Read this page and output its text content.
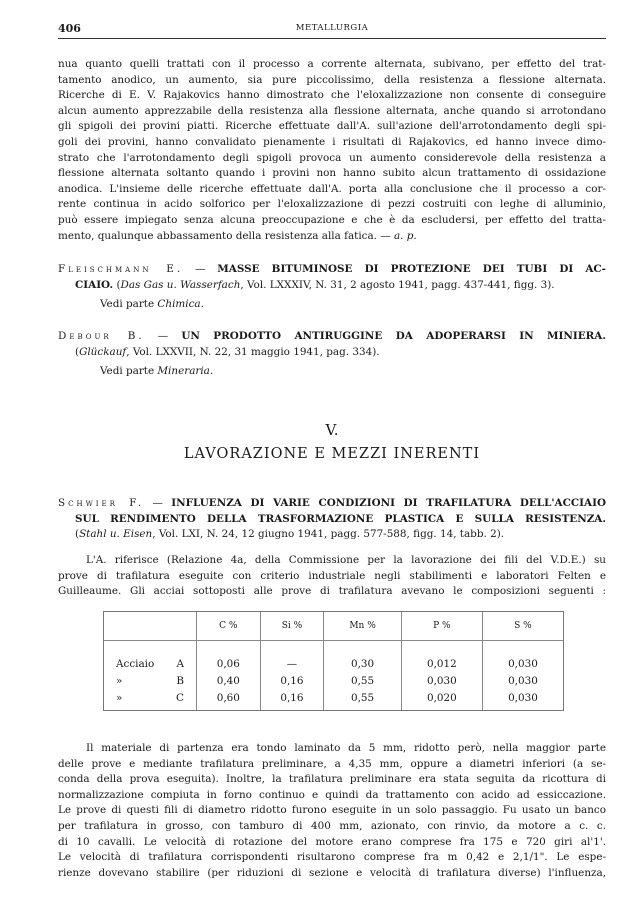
406	METALLURGIA
nua quanto quelli trattati con il processo a corrente alternata, subivano, per effetto del trat-
tamento anodico, un aumento, sia pure piccolissimo, della resistenza a flessione alternata.
Ricerche di E. V. Rajakovics hanno dimostrato che l'eloxalizzazione non consente di conseguire
alcun aumento apprezzabile della resistenza alla flessione alternata, anche quando si arrotondano
gli spigoli dei provini piatti. Ricerche effettuate dall'A. sull'azione dell'arrotondamento degli spi-
goli dei provini, hanno convalidato pienamente i risultati di Rajakovics, ed hanno invece dimo-
strato che l'arrotondamento degli spigoli provoca un aumento considerevole della resistenza a
flessione alternata soltanto quando i provini non hanno subito alcun trattamento di ossidazione
anodica. L'insieme delle ricerche effettuate dall'A. porta alla conclusione che il processo a cor-
rente continua in acido solforico per l'eloxalizzazione di pezzi costruiti con leghe di alluminio,
può essere impiegato senza alcuna preoccupazione e che è da escludersi, per effetto del tratta-
mento, qualunque abbassamento della resistenza alla fatica. — a. p.
Fleischmann E. — MASSE BITUMINOSE DI PROTEZIONE DEI TUBI DI AC-
CIAIO. (Das Gas u. Wasserfach, Vol. LXXXIV, N. 31, 2 agosto 1941, pagg. 437-441, figg. 3).
Vedi parte Chimica.
Debour B. — UN PRODOTTO ANTIRUGGINE DA ADOPERARSI IN MINIERA.
(Glückauf, Vol. LXXVII, N. 22, 31 maggio 1941, pag. 334).
Vedi parte Mineraria.
V.
LAVORAZIONE E MEZZI INERENTI
Schwier F. — INFLUENZA DI VARIE CONDIZIONI DI TRAFILATURA DELL'ACCIAIO
SUL RENDIMENTO DELLA TRASFORMAZIONE PLASTICA E SULLA RESISTENZA.
(Stahl u. Eisen, Vol. LXI, N. 24, 12 giugno 1941, pagg. 577-588, figg. 14, tabb. 2).
L'A. riferisce (Relazione 4a, della Commissione per la lavorazione dei fili del V.D.E.) su
prove di trafilatura eseguite con criterio industriale negli stabilimenti e laboratori Felten e
Guilleaume. Gli acciai sottoposti alle prove di trafilatura avevano le composizioni seguenti :
	C %	Si %	Mn %	P %	S %

Acciaio A	0,06	—	0,30	0,012	0,030

» B	0,40	0,16	0,55	0,030	0,030

» C	0,60	0,16	0,55	0,020	0,030
Il materiale di partenza era tondo laminato da 5 mm, ridotto però, nella maggior parte
delle prove e mediante trafilatura preliminare, a 4,35 mm, oppure a diametri inferiori (a se-
conda della prova eseguita). Inoltre, la trafilatura preliminare era stata seguita da ricottura di
normalizzazione compiuta in forno continuo e quindi da trattamento con acido ad essiccazione.
Le prove di questi fili di diametro ridotto furono eseguite in un solo passaggio. Fu usato un banco
per trafilatura in grosso, con tamburo di 400 mm, azionato, con rinvio, da motore a c. c.
di 10 cavalli. Le velocità di rotazione del motore erano comprese fra 175 e 720 giri al'1'.
Le velocità di trafilatura corrispondenti risultarono comprese fra m 0,42 e 2,1/1". Le espe-
rienze dovevano stabilire (per riduzioni di sezione e velocità di trafilatura diverse) l'influenza,
